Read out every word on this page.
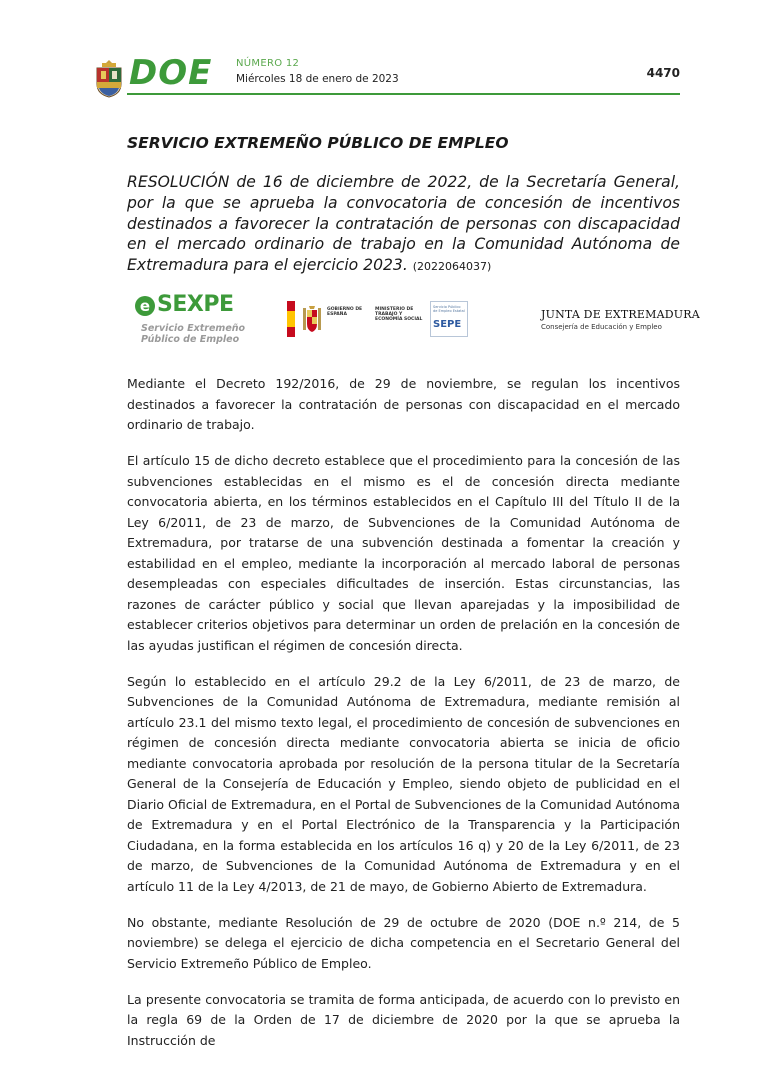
DOE NÚMERO 12
Miércoles 18 de enero de 2023	4470
SERVICIO EXTREMEÑO PÚBLICO DE EMPLEO

RESOLUCIÓN de 16 de diciembre de 2022, de la Secretaría General, por la que se aprueba la convocatoria de concesión de incentivos destinados a favorecer la contratación de personas con discapacidad en el mercado ordinario de trabajo en la Comunidad Autónoma de Extremadura para el ejercicio 2023. (2022064037)

e SEXPE
Servicio Extremeño
Público de Empleo
GOBIERNO DE ESPAÑA
MINISTERIO DE TRABAJO Y ECONOMÍA SOCIAL
Servicio Público de Empleo Estatal
SEPE
JUNTA DE EXTREMADURA
Consejería de Educación y Empleo

Mediante el Decreto 192/2016, de 29 de noviembre, se regulan los incentivos destinados a favorecer la contratación de personas con discapacidad en el mercado ordinario de trabajo.

El artículo 15 de dicho decreto establece que el procedimiento para la concesión de las subvenciones establecidas en el mismo es el de concesión directa mediante convocatoria abierta, en los términos establecidos en el Capítulo III del Título II de la Ley 6/2011, de 23 de marzo, de Subvenciones de la Comunidad Autónoma de Extremadura, por tratarse de una subvención destinada a fomentar la creación y estabilidad en el empleo, mediante la incorporación al mercado laboral de personas desempleadas con especiales dificultades de inserción. Estas circunstancias, las razones de carácter público y social que llevan aparejadas y la imposibilidad de establecer criterios objetivos para determinar un orden de prelación en la concesión de las ayudas justifican el régimen de concesión directa.

Según lo establecido en el artículo 29.2 de la Ley 6/2011, de 23 de marzo, de Subvenciones de la Comunidad Autónoma de Extremadura, mediante remisión al artículo 23.1 del mismo texto legal, el procedimiento de concesión de subvenciones en régimen de concesión directa mediante convocatoria abierta se inicia de oficio mediante convocatoria aprobada por resolución de la persona titular de la Secretaría General de la Consejería de Educación y Empleo, siendo objeto de publicidad en el Diario Oficial de Extremadura, en el Portal de Subvenciones de la Comunidad Autónoma de Extremadura y en el Portal Electrónico de la Transparencia y la Participación Ciudadana, en la forma establecida en los artículos 16 q) y 20 de la Ley 6/2011, de 23 de marzo, de Subvenciones de la Comunidad Autónoma de Extremadura y en el artículo 11 de la Ley 4/2013, de 21 de mayo, de Gobierno Abierto de Extremadura.

No obstante, mediante Resolución de 29 de octubre de 2020 (DOE n.º 214, de 5 noviembre) se delega el ejercicio de dicha competencia en el Secretario General del Servicio Extremeño Público de Empleo.

La presente convocatoria se tramita de forma anticipada, de acuerdo con lo previsto en la regla 69 de la Orden de 17 de diciembre de 2020 por la que se aprueba la Instrucción de
